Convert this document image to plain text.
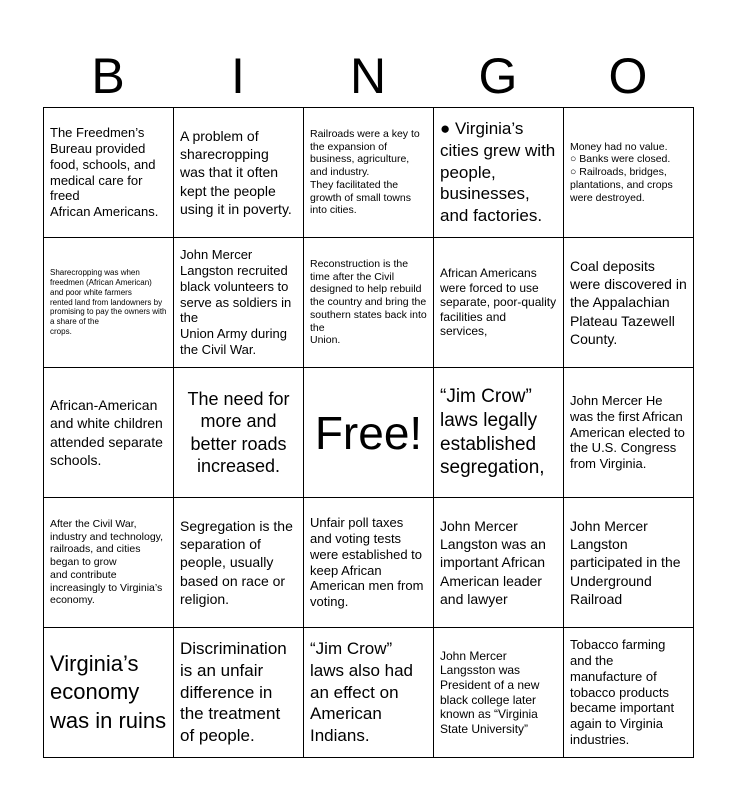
B	I	N	G	O
The Freedmen’s
Bureau provided food, schools, and medical care for freed
African Americans.	A problem of sharecropping was that it often kept the people using it in poverty.	Railroads were a key to the expansion of business, agriculture, and industry.
They facilitated the growth of small towns into cities.	● Virginia’s cities grew with people, businesses, and factories.	Money had no value.
○ Banks were closed.
○ Railroads, bridges, plantations, and crops were destroyed.

Sharecropping was when freedmen (African American) and poor white farmers
rented land from landowners by promising to pay the owners with a share of the
crops.	John Mercer Langston recruited black volunteers to serve as soldiers in the
Union Army during the Civil War.	Reconstruction is the time after the Civil designed to help rebuild the country and bring the southern states back into the
Union.	African Americans were forced to use separate, poor-quality facilities and
services,	Coal deposits were discovered in the Appalachian Plateau Tazewell County.

African-American and white children attended separate schools.	The need for more and better roads increased.	Free!	“Jim Crow” laws legally established segregation,	John Mercer He was the first African American elected to the U.S. Congress from Virginia.

After the Civil War, industry and technology, railroads, and cities began to grow
and contribute increasingly to Virginia’s economy.	Segregation is the separation of people, usually based on race or religion.	Unfair poll taxes and voting tests were established to keep African American men from voting.	John Mercer Langston was an important African American leader and lawyer	John Mercer Langston participated in the Underground Railroad

Virginia’s economy was in ruins	Discrimination is an unfair difference in the treatment of people.	“Jim Crow” laws also had an effect on American Indians.	John Mercer Langsston was President of a new black college later known as “Virginia State University”	Tobacco farming and the manufacture of tobacco products became important again to Virginia industries.
